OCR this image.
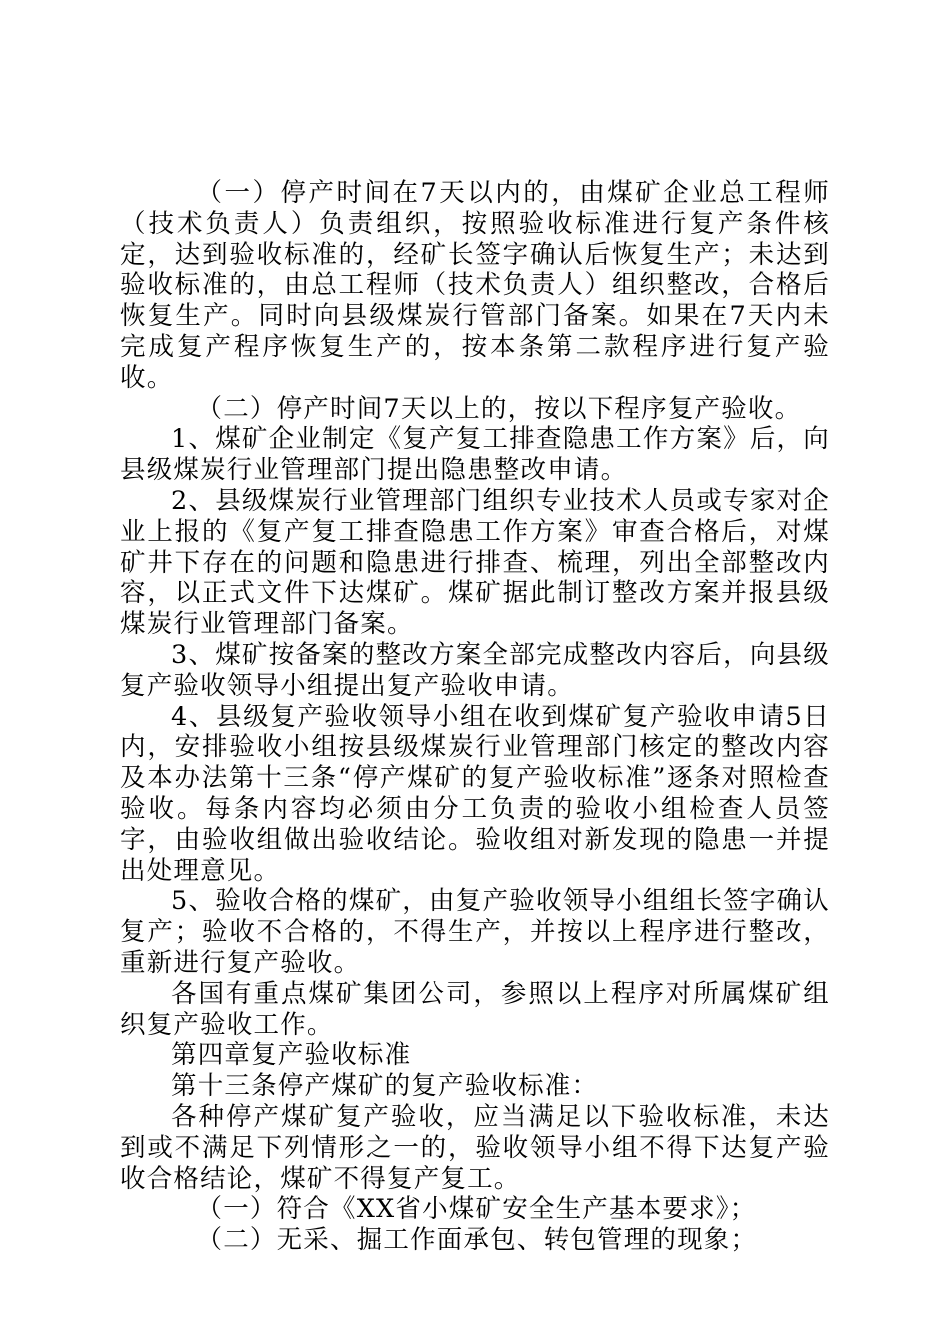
（一）停产时间在7天以内的，由煤矿企业总工程师（技术负责人）负责组织，按照验收标准进行复产条件核定，达到验收标准的，经矿长签字确认后恢复生产；未达到验收标准的，由总工程师（技术负责人）组织整改，合格后恢复生产。同时向县级煤炭行管部门备案。如果在7天内未完成复产程序恢复生产的，按本条第二款程序进行复产验收。

（二）停产时间7天以上的，按以下程序复产验收。

1、煤矿企业制定《复产复工排查隐患工作方案》后，向县级煤炭行业管理部门提出隐患整改申请。

2、县级煤炭行业管理部门组织专业技术人员或专家对企业上报的《复产复工排查隐患工作方案》审查合格后，对煤矿井下存在的问题和隐患进行排查、梳理，列出全部整改内容，以正式文件下达煤矿。煤矿据此制订整改方案并报县级煤炭行业管理部门备案。

3、煤矿按备案的整改方案全部完成整改内容后，向县级复产验收领导小组提出复产验收申请。

4、县级复产验收领导小组在收到煤矿复产验收申请5日内，安排验收小组按县级煤炭行业管理部门核定的整改内容及本办法第十三条“停产煤矿的复产验收标准”逐条对照检查验收。每条内容均必须由分工负责的验收小组检查人员签字，由验收组做出验收结论。验收组对新发现的隐患一并提出处理意见。

5、验收合格的煤矿，由复产验收领导小组组长签字确认复产；验收不合格的，不得生产，并按以上程序进行整改，重新进行复产验收。

各国有重点煤矿集团公司，参照以上程序对所属煤矿组织复产验收工作。

第四章复产验收标准

第十三条停产煤矿的复产验收标准：

各种停产煤矿复产验收，应当满足以下验收标准，未达到或不满足下列情形之一的，验收领导小组不得下达复产验收合格结论，煤矿不得复产复工。

（一）符合《XX省小煤矿安全生产基本要求》；

（二）无采、掘工作面承包、转包管理的现象；
